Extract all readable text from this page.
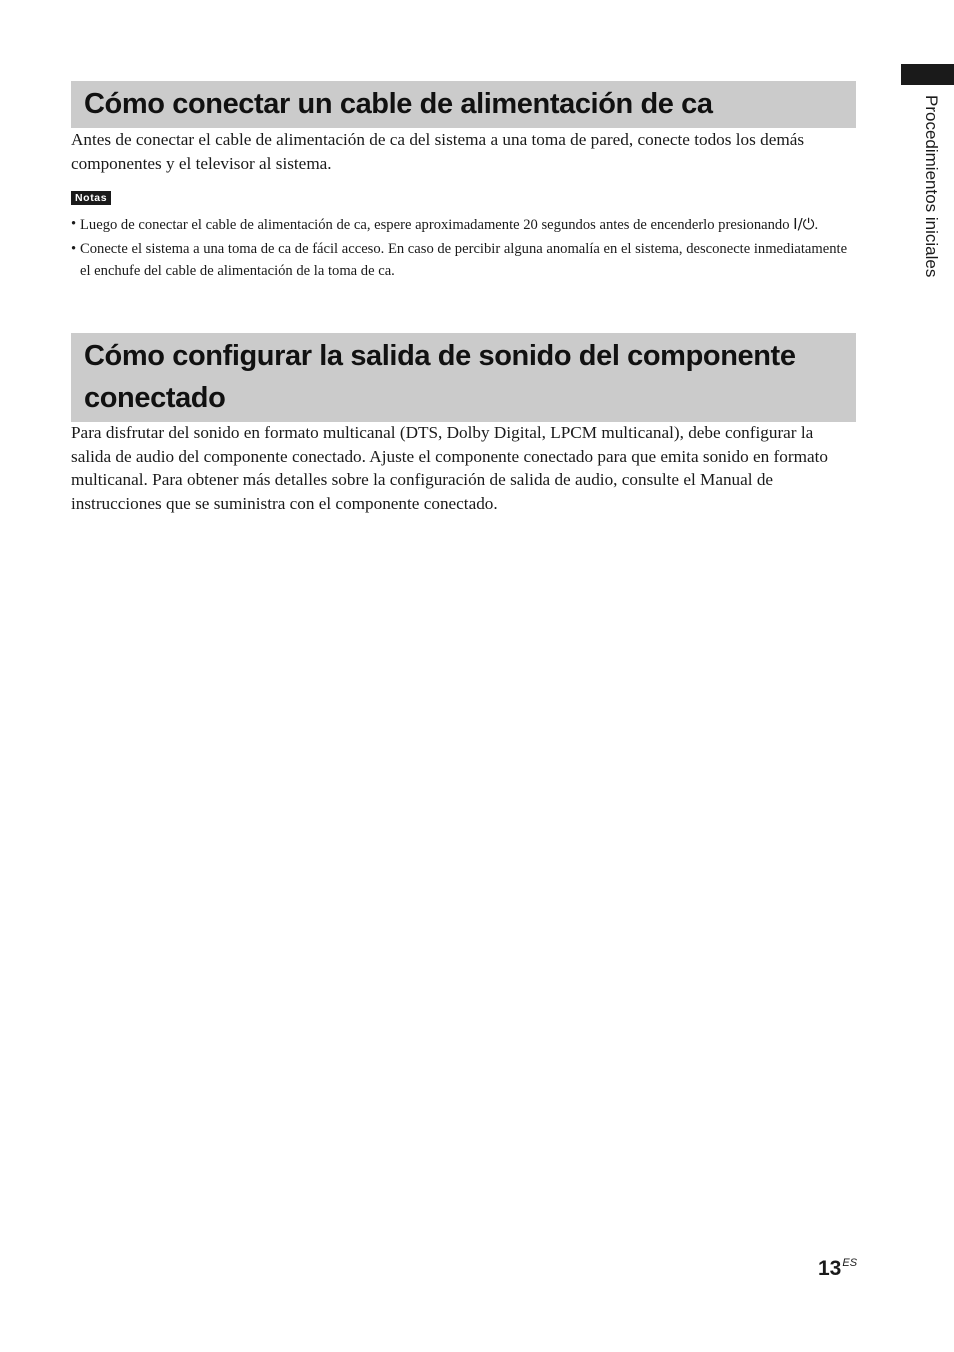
Procedimientos iniciales
Cómo conectar un cable de alimentación de ca

Antes de conectar el cable de alimentación de ca del sistema a una toma de pared, conecte todos los demás componentes y el televisor al sistema.

Notas
• Luego de conectar el cable de alimentación de ca, espere aproximadamente 20 segundos antes de encenderlo presionando I/⏻.
• Conecte el sistema a una toma de ca de fácil acceso. En caso de percibir alguna anomalía en el sistema, desconecte inmediatamente el enchufe del cable de alimentación de la toma de ca.
Cómo configurar la salida de sonido del componente
conectado

Para disfrutar del sonido en formato multicanal (DTS, Dolby Digital, LPCM multicanal), debe configurar la salida de audio del componente conectado. Ajuste el componente conectado para que emita sonido en formato multicanal. Para obtener más detalles sobre la configuración de salida de audio, consulte el Manual de instrucciones que se suministra con el componente conectado.

$13^{ES}$
